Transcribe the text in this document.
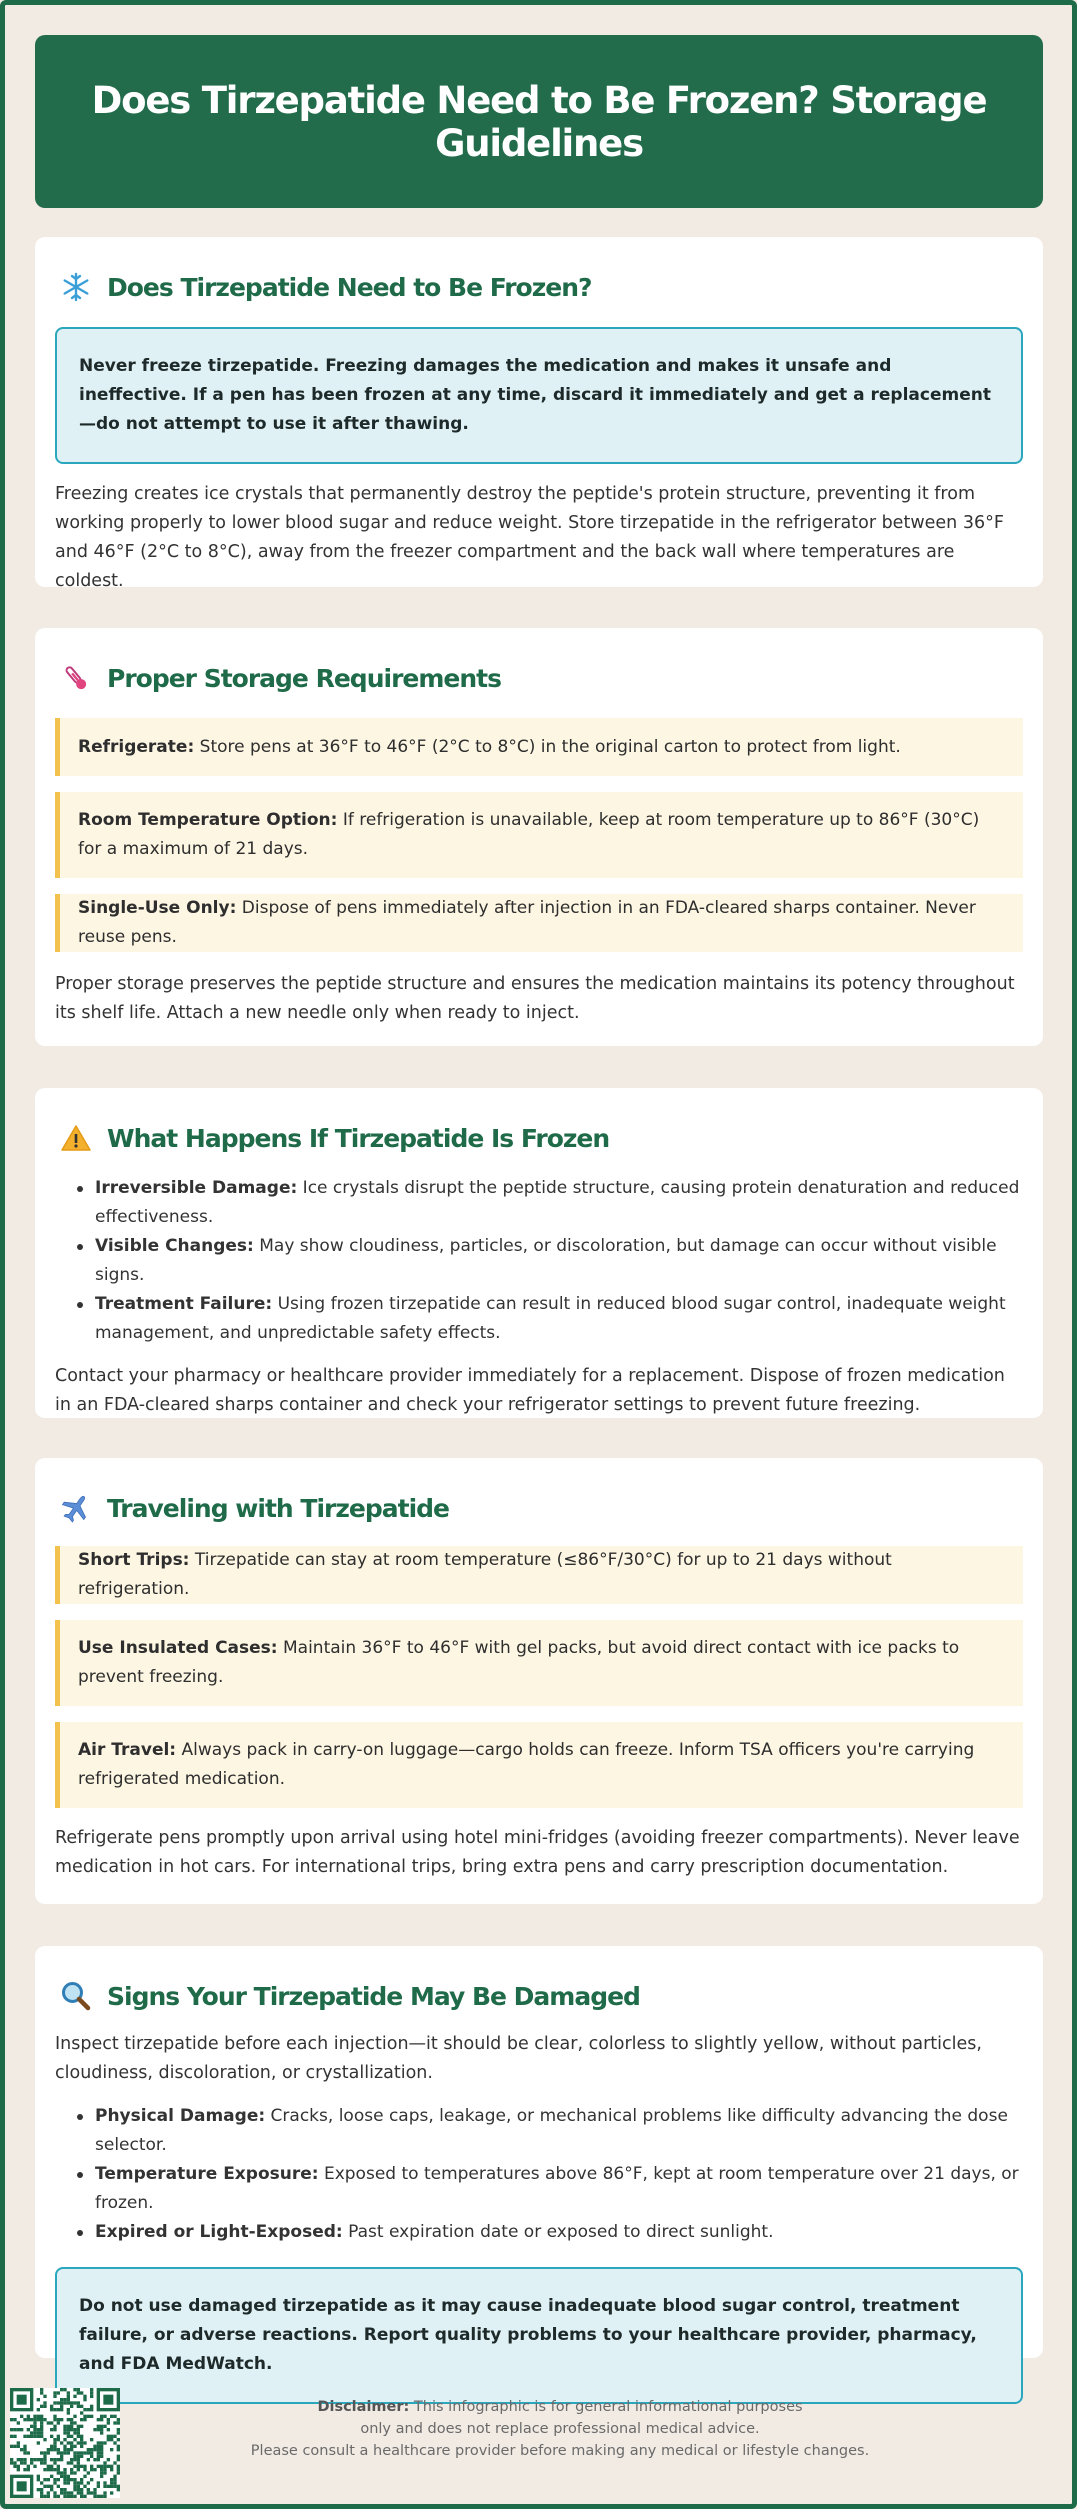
Does Tirzepatide Need to Be Frozen? Storage Guidelines
Does Tirzepatide Need to Be Frozen?
Never freeze tirzepatide. Freezing damages the medication and makes it unsafe and ineffective. If a pen has been frozen at any time, discard it immediately and get a replacement—do not attempt to use it after thawing.

Freezing creates ice crystals that permanently destroy the peptide's protein structure, preventing it from working properly to lower blood sugar and reduce weight. Store tirzepatide in the refrigerator between 36°F and 46°F (2°C to 8°C), away from the freezer compartment and the back wall where temperatures are coldest.

Proper Storage Requirements
Refrigerate: Store pens at 36°F to 46°F (2°C to 8°C) in the original carton to protect from light.
Room Temperature Option: If refrigeration is unavailable, keep at room temperature up to 86°F (30°C) for a maximum of 21 days.
Single-Use Only: Dispose of pens immediately after injection in an FDA-cleared sharps container. Never reuse pens.

Proper storage preserves the peptide structure and ensures the medication maintains its potency throughout its shelf life. Attach a new needle only when ready to inject.

What Happens If Tirzepatide Is Frozen
Irreversible Damage: Ice crystals disrupt the peptide structure, causing protein denaturation and reduced effectiveness.
Visible Changes: May show cloudiness, particles, or discoloration, but damage can occur without visible signs.
Treatment Failure: Using frozen tirzepatide can result in reduced blood sugar control, inadequate weight management, and unpredictable safety effects.

Contact your pharmacy or healthcare provider immediately for a replacement. Dispose of frozen medication in an FDA-cleared sharps container and check your refrigerator settings to prevent future freezing.

Traveling with Tirzepatide
Short Trips: Tirzepatide can stay at room temperature (≤86°F/30°C) for up to 21 days without refrigeration.
Use Insulated Cases: Maintain 36°F to 46°F with gel packs, but avoid direct contact with ice packs to prevent freezing.
Air Travel: Always pack in carry-on luggage—cargo holds can freeze. Inform TSA officers you're carrying refrigerated medication.

Refrigerate pens promptly upon arrival using hotel mini-fridges (avoiding freezer compartments). Never leave medication in hot cars. For international trips, bring extra pens and carry prescription documentation.

Signs Your Tirzepatide May Be Damaged

Inspect tirzepatide before each injection—it should be clear, colorless to slightly yellow, without particles, cloudiness, discoloration, or crystallization.

Physical Damage: Cracks, loose caps, leakage, or mechanical problems like difficulty advancing the dose selector.
Temperature Exposure: Exposed to temperatures above 86°F, kept at room temperature over 21 days, or frozen.
Expired or Light-Exposed: Past expiration date or exposed to direct sunlight.
Do not use damaged tirzepatide as it may cause inadequate blood sugar control, treatment failure, or adverse reactions. Report quality problems to your healthcare provider, pharmacy, and FDA MedWatch.
Disclaimer: This infographic is for general informational purposes
only and does not replace professional medical advice.
Please consult a healthcare provider before making any medical or lifestyle changes.
